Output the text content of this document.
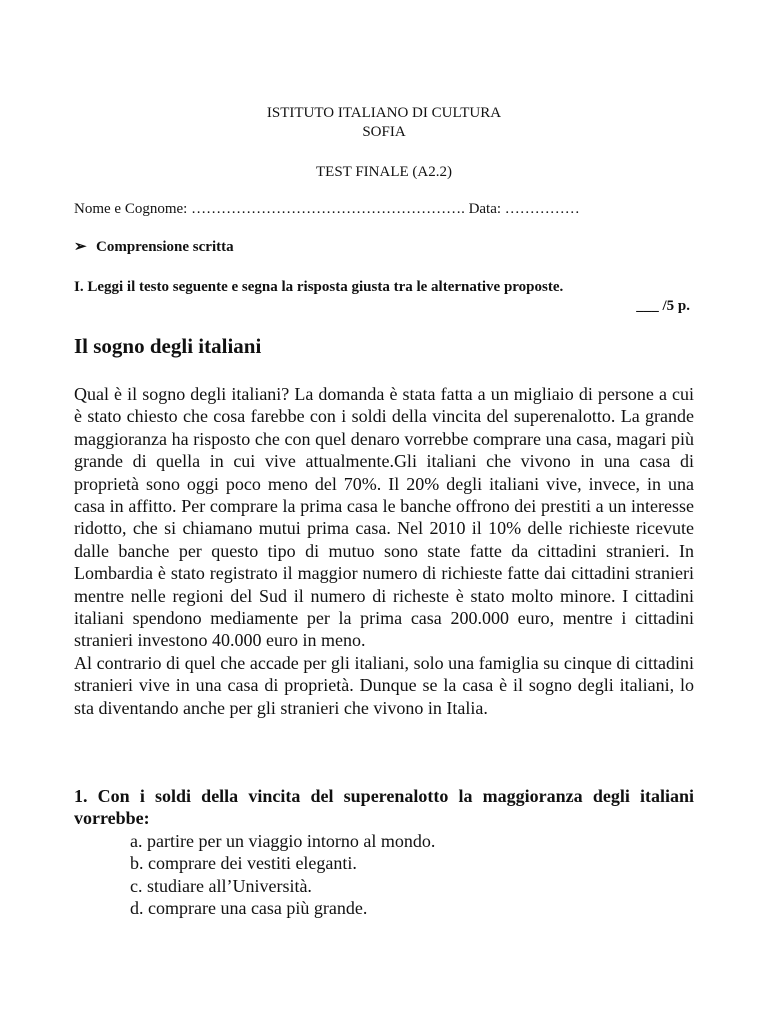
ISTITUTO ITALIANO DI CULTURA
SOFIA
TEST FINALE (A2.2)
Nome e Cognome: ………………………………………………. Data: ……………
➢ Comprensione scritta
I. Leggi il testo seguente e segna la risposta giusta tra le alternative proposte.
___ /5 p.
Il sogno degli italiani

Qual è il sogno degli italiani? La domanda è stata fatta a un migliaio di persone a cui è stato chiesto che cosa farebbe con i soldi della vincita del superenalotto. La grande maggioranza ha risposto che con quel denaro vorrebbe comprare una casa, magari più grande di quella in cui vive attualmente.Gli italiani che vivono in una casa di proprietà sono oggi poco meno del 70%. Il 20% degli italiani vive, invece, in una casa in affitto. Per comprare la prima casa le banche offrono dei prestiti a un interesse ridotto, che si chiamano mutui prima casa. Nel 2010 il 10% delle richieste ricevute dalle banche per questo tipo di mutuo sono state fatte da cittadini stranieri. In Lombardia è stato registrato il maggior numero di richieste fatte dai cittadini stranieri mentre nelle regioni del Sud il numero di richeste è stato molto minore. I cittadini italiani spendono mediamente per la prima casa 200.000 euro, mentre i cittadini stranieri investono 40.000 euro in meno.

Al contrario di quel che accade per gli italiani, solo una famiglia su cinque di cittadini stranieri vive in una casa di proprietà. Dunque se la casa è il sogno degli italiani, lo sta diventando anche per gli stranieri che vivono in Italia.

1. Con i soldi della vincita del superenalotto la maggioranza degli italiani vorrebbe:

a. partire per un viaggio intorno al mondo.
b. comprare dei vestiti eleganti.
c. studiare all’Università.
d. comprare una casa più grande.
